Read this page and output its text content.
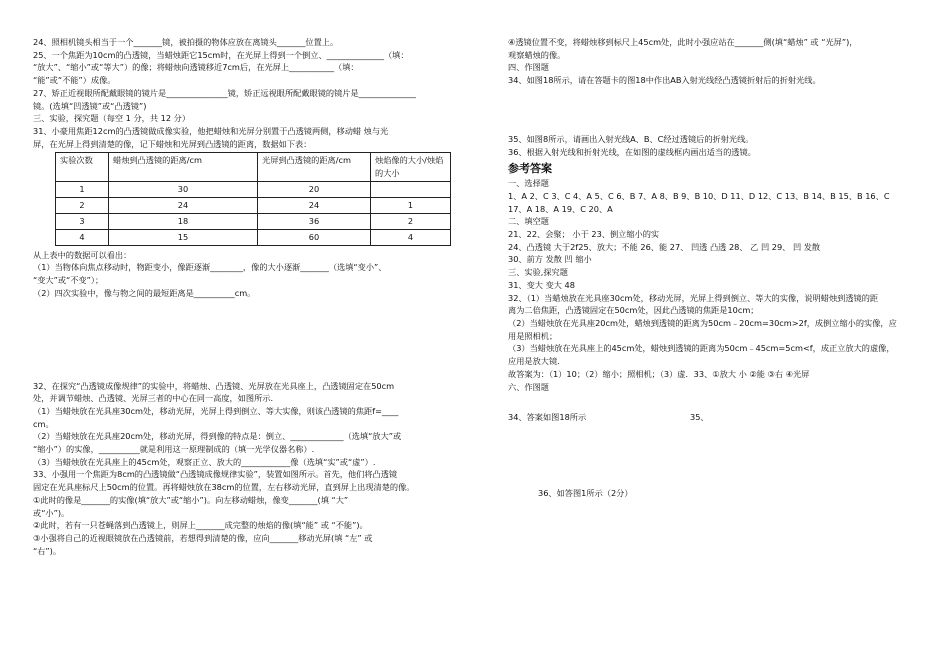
24、照相机镜头相当于一个_______镜，被拍摄的物体应放在离镜头_______位置上。
25、一个焦距为10cm的凸透镜，当蜡烛距它15cm时，在光屏上得到一个倒立、______________（填：
“放大”、“缩小”或“等大”）的像；将蜡烛向透镜移近7cm后，在光屏上___________（填：
“能”或“不能”）成像。
27、矫正近视眼所配戴眼镜的镜片是_______________镜，矫正远视眼所配戴眼镜的镜片是______________
镜。(选填“凹透镜”或“凸透镜”)
三、实验，探究题（每空 1 分，共 12 分）
31、小豪用焦距12cm的凸透镜做成像实验，他把蜡烛和光屏分别置于凸透镜两侧，移动蜡 烛与光
屏，在光屏上得到清楚的像，记下蜡烛和光屏到凸透镜的距离，数据如下表：
实验次数	蜡烛到凸透镜的距离/cm	光屏到凸透镜的距离/cm	烛焰像的大小/烛焰的大小
1	30	20	
2	24	24	1
3	18	36	2
4	15	60	4
从上表中的数据可以看出：
（1）当物体向焦点移动时，物距变小，像距逐渐________，像的大小逐渐_______（选填“变小”、
“变大”或“不变”）；
（2）四次实验中，像与物之间的最短距离是__________cm。
32、在探究“凸透镜成像规律”的实验中，将蜡烛、凸透镜、光屏放在光具座上，凸透镜固定在50cm
处，并调节蜡烛、凸透镜、光屏三者的中心在同一高度，如图所示.
（1）当蜡烛放在光具座30cm处，移动光屏，光屏上得到倒立、等大实像，则该凸透镜的焦距f=____
cm。
（2）当蜡烛放在光具座20cm处，移动光屏，得到像的特点是：倒立、_____________（选填“放大”或
“缩小”）的实像，__________就是利用这一原理制成的（填一光学仪器名称）.
（3）当蜡烛放在光具座上的45cm处，观察正立、放大的____________像（选填“实”或“虚”）.
33、小强用一个焦距为8cm的凸透镜做“凸透镜成像规律实验”，装置如图所示。首先，他们将凸透镜
固定在光具座标尺上50cm的位置。再将蜡烛放在38cm的位置，左右移动光屏，直到屏上出现清楚的像。
①此时的像是_______的实像(填“放大”或“缩小”)。向左移动蜡烛，像变_______(填 “大”
或“小”)。
②此时，若有一只苍蝇落到凸透镜上，则屏上_______成完整的烛焰的像(填“能” 或 “不能”)。
③小强将自己的近视眼镜放在凸透镜前，若想得到清楚的像，应向_______移动光屏(填 “左” 或
“右”)。
④透镜位置不变，将蜡烛移到标尺上45cm处，此时小强应站在_______侧(填“蜡烛” 或 “光屏”)，
观察蜡烛的像。
四、作图题
34、如图18所示，请在答题卡的图18中作出AB入射光线经凸透镜折射后的折射光线。
35、如图8所示，请画出入射光线A、B、C经过透镜后的折射光线。
36、根据入射光线和折射光线，在如图的虚线框内画出适当的透镜。
参考答案
一、选择题
1、A 2、C 3、C 4、A 5、C 6、B 7、A 8、B 9、B 10、D 11、D 12、C 13、B 14、B 15、B 16、C
17、A 18、A 19、C 20、A
二、填空题
21、22、会聚； 小于 23、倒立缩小的实
24、凸透镜 大于2f25、放大；不能 26、能 27、 凹透 凸透 28、 乙 凹 29、 凹 发散
30、前方 发散 凹 缩小
三、实验,探究题
31、变大 变大 48
32、（1）当蜡烛放在光具座30cm处，移动光屏，光屏上得到倒立、等大的实像，说明蜡烛到透镜的距
离为二倍焦距，凸透镜固定在50cm处，因此凸透镜的焦距是10cm；
（2）当蜡烛放在光具座20cm处，蜡烛到透镜的距离为50cm﹣20cm=30cm>2f，成倒立缩小的实像，应
用是照相机；
（3）当蜡烛放在光具座上的45cm处，蜡烛到透镜的距离为50cm﹣45cm=5cm<f，成正立放大的虚像，
应用是放大镜．
故答案为：（1）10；（2）缩小；照相机；（3）虚．33、①放大 小 ②能 ③右 ④光屏
六、作图题
34、答案如图18所示	35、
36、如答图1所示（2分）
